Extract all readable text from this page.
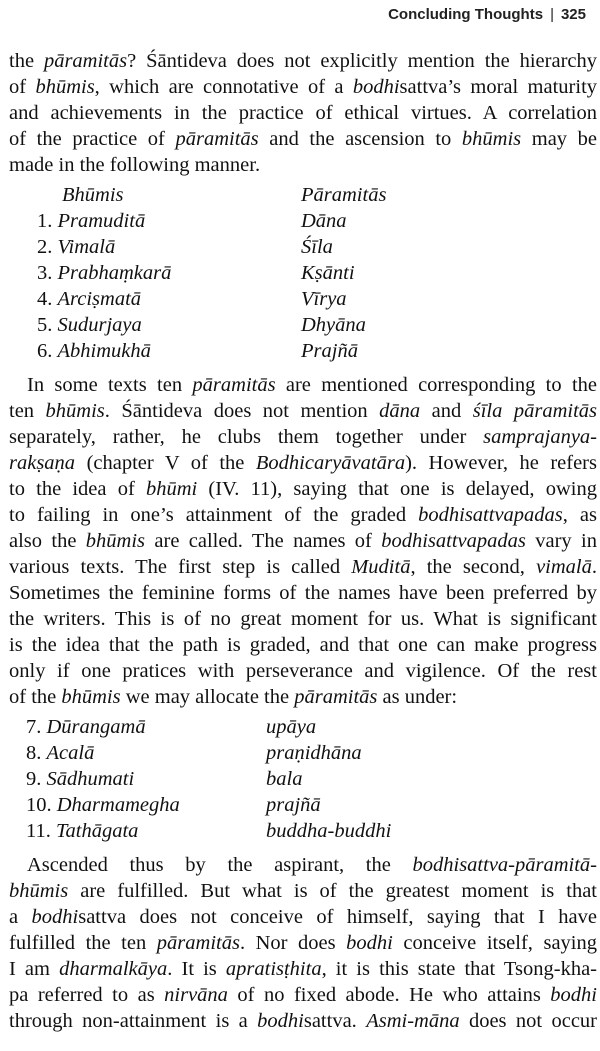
Concluding Thoughts | 325
the pāramitās? Śāntideva does not explicitly mention the hierarchy
of bhūmis, which are connotative of a bodhisattva’s moral maturity
and achievements in the practice of ethical virtues. A correlation
of the practice of pāramitās and the ascension to bhūmis may be
made in the following manner.
Bhūmis	Pāramitās
1. Pramuditā	Dāna
2. Vimalā	Śīla
3. Prabhaṃkarā	Kṣānti
4. Arciṣmatā	Vīrya
5. Sudurjaya	Dhyāna
6. Abhimukhā	Prajñā
In some texts ten pāramitās are mentioned corresponding to the
ten bhūmis. Śāntideva does not mention dāna and śīla pāramitās
separately, rather, he clubs them together under samprajanya-
rakṣaṇa (chapter V of the Bodhicaryāvatāra). However, he refers
to the idea of bhūmi (IV. 11), saying that one is delayed, owing
to failing in one’s attainment of the graded bodhisattvapadas, as
also the bhūmis are called. The names of bodhisattvapadas vary in
various texts. The first step is called Muditā, the second, vimalā.
Sometimes the feminine forms of the names have been preferred by
the writers. This is of no great moment for us. What is significant
is the idea that the path is graded, and that one can make progress
only if one pratices with perseverance and vigilence. Of the rest
of the bhūmis we may allocate the pāramitās as under:
7. Dūrangamā	upāya
8. Acalā	praṇidhāna
9. Sādhumati	bala
10. Dharmamegha	prajñā
11. Tathāgata	buddha-buddhi
Ascended thus by the aspirant, the bodhisattva-pāramitā-
bhūmis are fulfilled. But what is of the greatest moment is that
a bodhisattva does not conceive of himself, saying that I have
fulfilled the ten pāramitās. Nor does bodhi conceive itself, saying
I am dharmalkāya. It is apratisṭhita, it is this state that Tsong-kha-
pa referred to as nirvāna of no fixed abode. He who attains bodhi
through non-attainment is a bodhisattva. Asmi-māna does not occur
